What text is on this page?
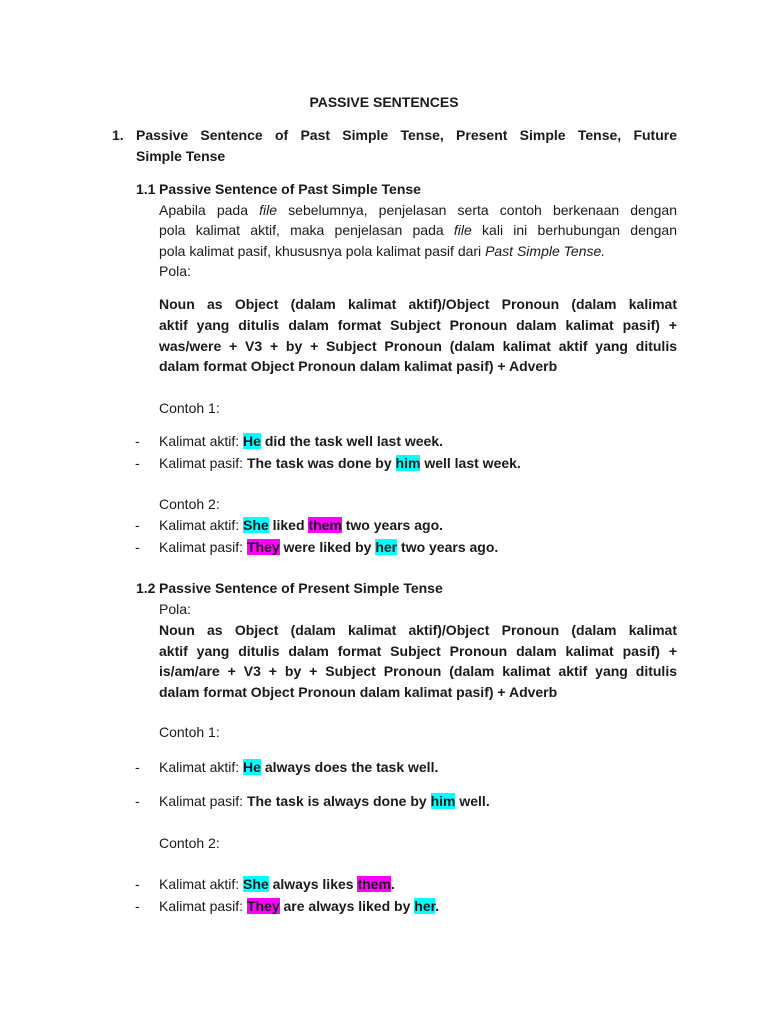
PASSIVE SENTENCES
1. Passive Sentence of Past Simple Tense, Present Simple Tense, Future
Simple Tense
1.1 Passive Sentence of Past Simple Tense
Apabila pada file sebelumnya, penjelasan serta contoh berkenaan dengan
pola kalimat aktif, maka penjelasan pada file kali ini berhubungan dengan
pola kalimat pasif, khususnya pola kalimat pasif dari Past Simple Tense.
Pola:
Noun as Object (dalam kalimat aktif)/Object Pronoun (dalam kalimat
aktif yang ditulis dalam format Subject Pronoun dalam kalimat pasif) +
was/were + V3 + by + Subject Pronoun (dalam kalimat aktif yang ditulis
dalam format Object Pronoun dalam kalimat pasif) + Adverb
Contoh 1:
- Kalimat aktif: He did the task well last week.
- Kalimat pasif: The task was done by him well last week.
Contoh 2:
- Kalimat aktif: She liked them two years ago.
- Kalimat pasif: They were liked by her two years ago.
1.2 Passive Sentence of Present Simple Tense
Pola:
Noun as Object (dalam kalimat aktif)/Object Pronoun (dalam kalimat
aktif yang ditulis dalam format Subject Pronoun dalam kalimat pasif) +
is/am/are + V3 + by + Subject Pronoun (dalam kalimat aktif yang ditulis
dalam format Object Pronoun dalam kalimat pasif) + Adverb
Contoh 1:
- Kalimat aktif: He always does the task well.
- Kalimat pasif: The task is always done by him well.
Contoh 2:
- Kalimat aktif: She always likes them.
- Kalimat pasif: They are always liked by her.
